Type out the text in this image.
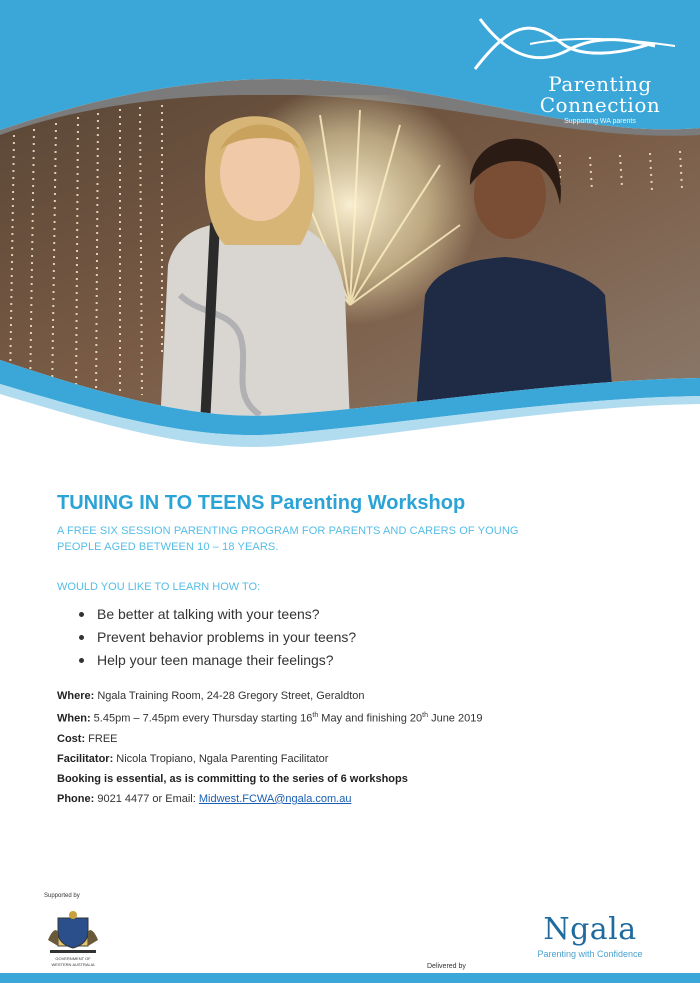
Parenting
Connection
Supporting WA parents
TUNING IN TO TEENS Parenting Workshop
A FREE SIX SESSION PARENTING PROGRAM FOR PARENTS AND CARERS OF YOUNG
PEOPLE AGED BETWEEN 10 – 18 YEARS.
WOULD YOU LIKE TO LEARN HOW TO:
Be better at talking with your teens?
Prevent behavior problems in your teens?
Help your teen manage their feelings?
Where: Ngala Training Room, 24-28 Gregory Street, Geraldton
When: 5.45pm – 7.45pm every Thursday starting 16th May and finishing 20th June 2019
Cost: FREE
Facilitator: Nicola Tropiano, Ngala Parenting Facilitator
Booking is essential, as is committing to the series of 6 workshops
Phone: 9021 4477 or Email: Midwest.FCWA@ngala.com.au
Supported by
GOVERNMENT OF
WESTERN AUSTRALIA	Delivered by
Ngala
Parenting with Confidence
